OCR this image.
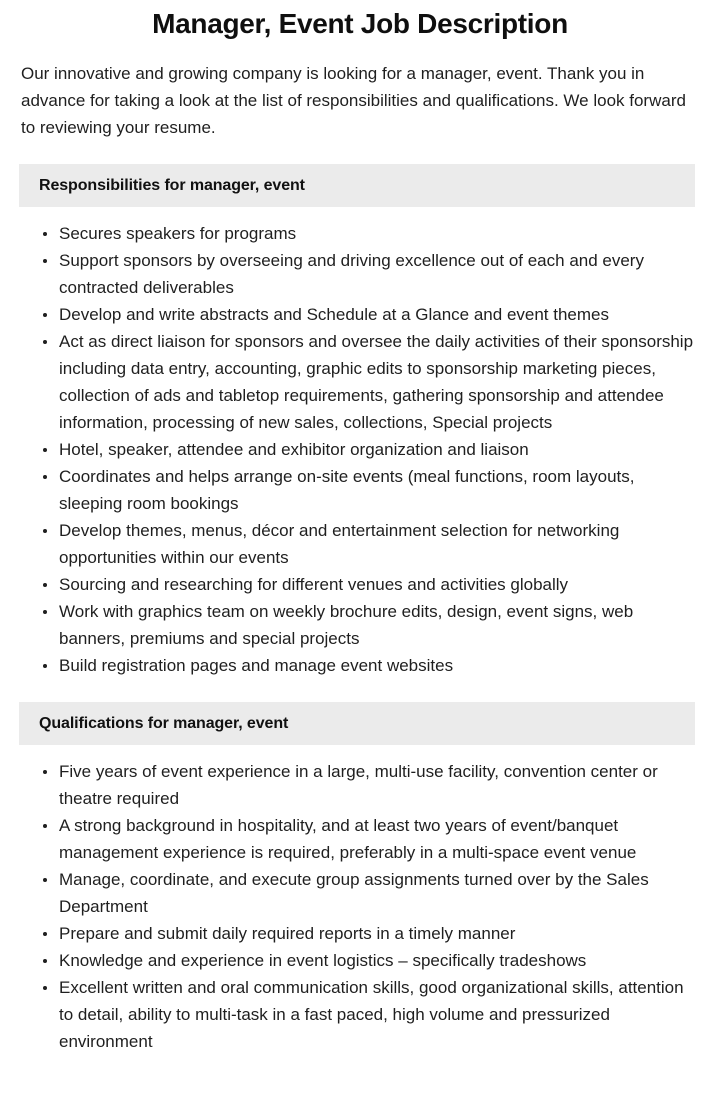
Manager, Event Job Description

Our innovative and growing company is looking for a manager, event. Thank you in advance for taking a look at the list of responsibilities and qualifications. We look forward to reviewing your resume.

Responsibilities for manager, event
Secures speakers for programs
Support sponsors by overseeing and driving excellence out of each and every contracted deliverables
Develop and write abstracts and Schedule at a Glance and event themes
Act as direct liaison for sponsors and oversee the daily activities of their sponsorship including data entry, accounting, graphic edits to sponsorship marketing pieces, collection of ads and tabletop requirements, gathering sponsorship and attendee information, processing of new sales, collections, Special projects
Hotel, speaker, attendee and exhibitor organization and liaison
Coordinates and helps arrange on-site events (meal functions, room layouts, sleeping room bookings
Develop themes, menus, décor and entertainment selection for networking opportunities within our events
Sourcing and researching for different venues and activities globally
Work with graphics team on weekly brochure edits, design, event signs, web banners, premiums and special projects
Build registration pages and manage event websites
Qualifications for manager, event
Five years of event experience in a large, multi-use facility, convention center or theatre required
A strong background in hospitality, and at least two years of event/banquet management experience is required, preferably in a multi-space event venue
Manage, coordinate, and execute group assignments turned over by the Sales Department
Prepare and submit daily required reports in a timely manner
Knowledge and experience in event logistics – specifically tradeshows
Excellent written and oral communication skills, good organizational skills, attention to detail, ability to multi-task in a fast paced, high volume and pressurized environment
